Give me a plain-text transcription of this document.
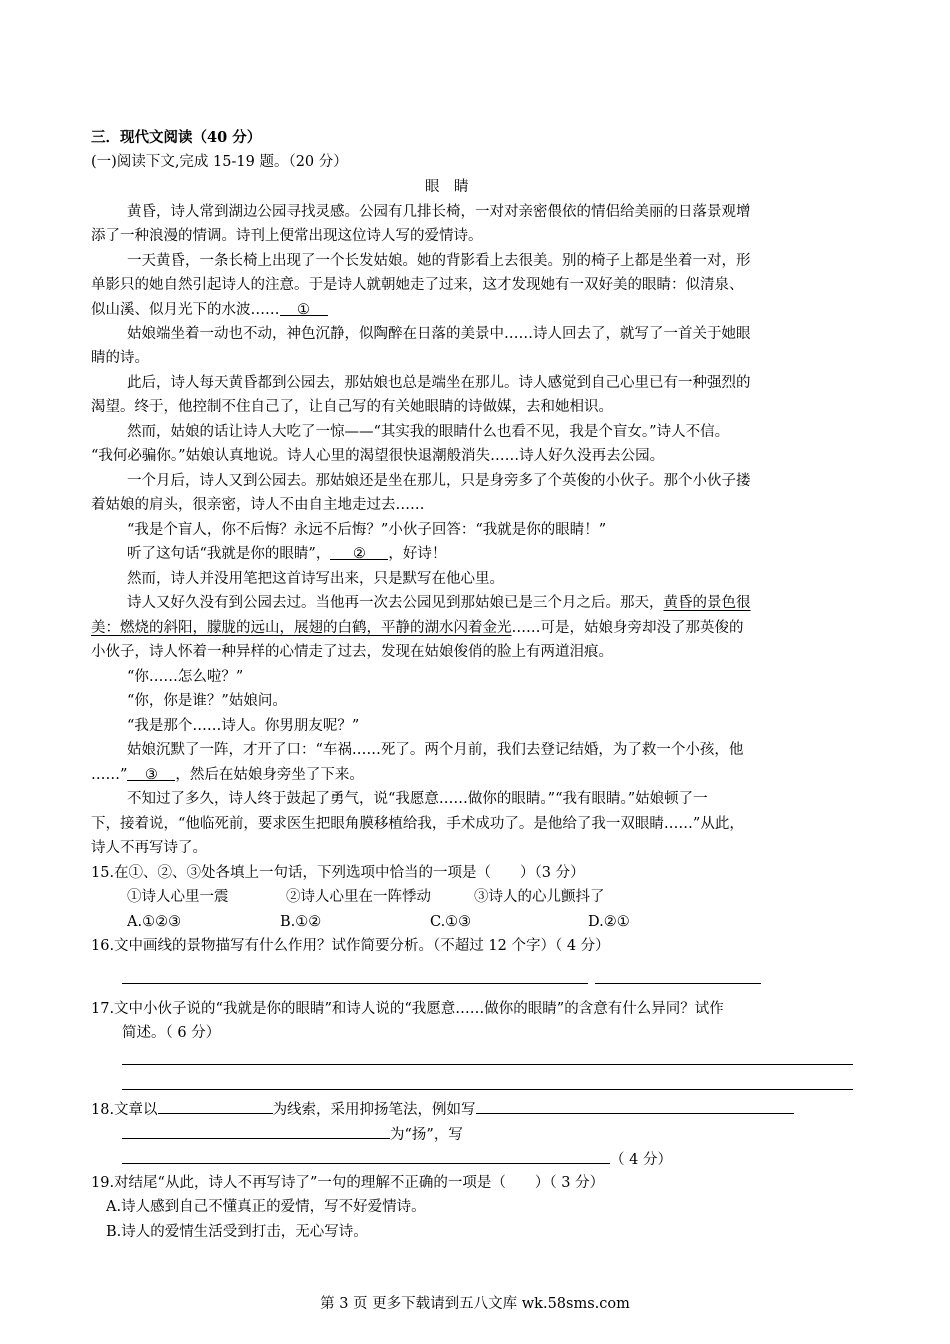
三．现代文阅读（40 分）
(一)阅读下文,完成 15-19 题。（20 分）
眼　睛
黄昏，诗人常到湖边公园寻找灵感。公园有几排长椅，一对对亲密偎依的情侣给美丽的日落景观增
添了一种浪漫的情调。诗刊上便常出现这位诗人写的爱情诗。
一天黄昏，一条长椅上出现了一个长发姑娘。她的背影看上去很美。别的椅子上都是坐着一对，形
单影只的她自然引起诗人的注意。于是诗人就朝她走了过来，这才发现她有一双好美的眼睛：似清泉、
似山溪、似月光下的水波…… ①
姑娘端坐着一动也不动，神色沉静，似陶醉在日落的美景中……诗人回去了，就写了一首关于她眼
睛的诗。
此后，诗人每天黄昏都到公园去，那姑娘也总是端坐在那儿。诗人感觉到自己心里已有一种强烈的
渴望。终于，他控制不住自己了，让自己写的有关她眼睛的诗做媒，去和她相识。
然而，姑娘的话让诗人大吃了一惊——“其实我的眼睛什么也看不见，我是个盲女。”诗人不信。
“我何必骗你。”姑娘认真地说。诗人心里的渴望很快退潮般消失……诗人好久没再去公园。
一个月后，诗人又到公园去。那姑娘还是坐在那儿，只是身旁多了个英俊的小伙子。那个小伙子搂
着姑娘的肩头，很亲密，诗人不由自主地走过去……
“我是个盲人，你不后悔？永远不后悔？”小伙子回答：“我就是你的眼睛！”
听了这句话“我就是你的眼睛”， ② ，好诗！
然而，诗人并没用笔把这首诗写出来，只是默写在他心里。
诗人又好久没有到公园去过。当他再一次去公园见到那姑娘已是三个月之后。那天，黄昏的景色很
美：燃烧的斜阳，朦胧的远山，展翅的白鹤，平静的湖水闪着金光……可是，姑娘身旁却没了那英俊的
小伙子，诗人怀着一种异样的心情走了过去，发现在姑娘俊俏的脸上有两道泪痕。
“你……怎么啦？”
“你，你是谁？”姑娘问。
“我是那个……诗人。你男朋友呢？”
姑娘沉默了一阵，才开了口：“车祸……死了。两个月前，我们去登记结婚，为了救一个小孩，他
……” ③ ，然后在姑娘身旁坐了下来。
不知过了多久，诗人终于鼓起了勇气，说“我愿意……做你的眼睛。”“我有眼睛。”姑娘顿了一
下，接着说，“他临死前，要求医生把眼角膜移植给我，手术成功了。是他给了我一双眼睛……”从此，
诗人不再写诗了。
15.在①、②、③处各填上一句话，下列选项中恰当的一项是（　　）（3 分）
①诗人心里一震	②诗人心里在一阵悸动	③诗人的心儿颤抖了
A.①②③	B.①②	C.①③	D.②①
16.文中画线的景物描写有什么作用？试作简要分析。（不超过 12 个字）（ 4 分）
17.文中小伙子说的“我就是你的眼睛”和诗人说的“我愿意……做你的眼睛”的含意有什么异同？试作
简述。（ 6 分）
18.文章以	为线索，采用抑扬笔法，例如写
为“扬”，写
（ 4 分）
19.对结尾“从此，诗人不再写诗了”一句的理解不正确的一项是（　　）（ 3 分）
A.诗人感到自己不懂真正的爱情，写不好爱情诗。
B.诗人的爱情生活受到打击，无心写诗。
第 3 页 更多下载请到五八文库 wk.58sms.com
